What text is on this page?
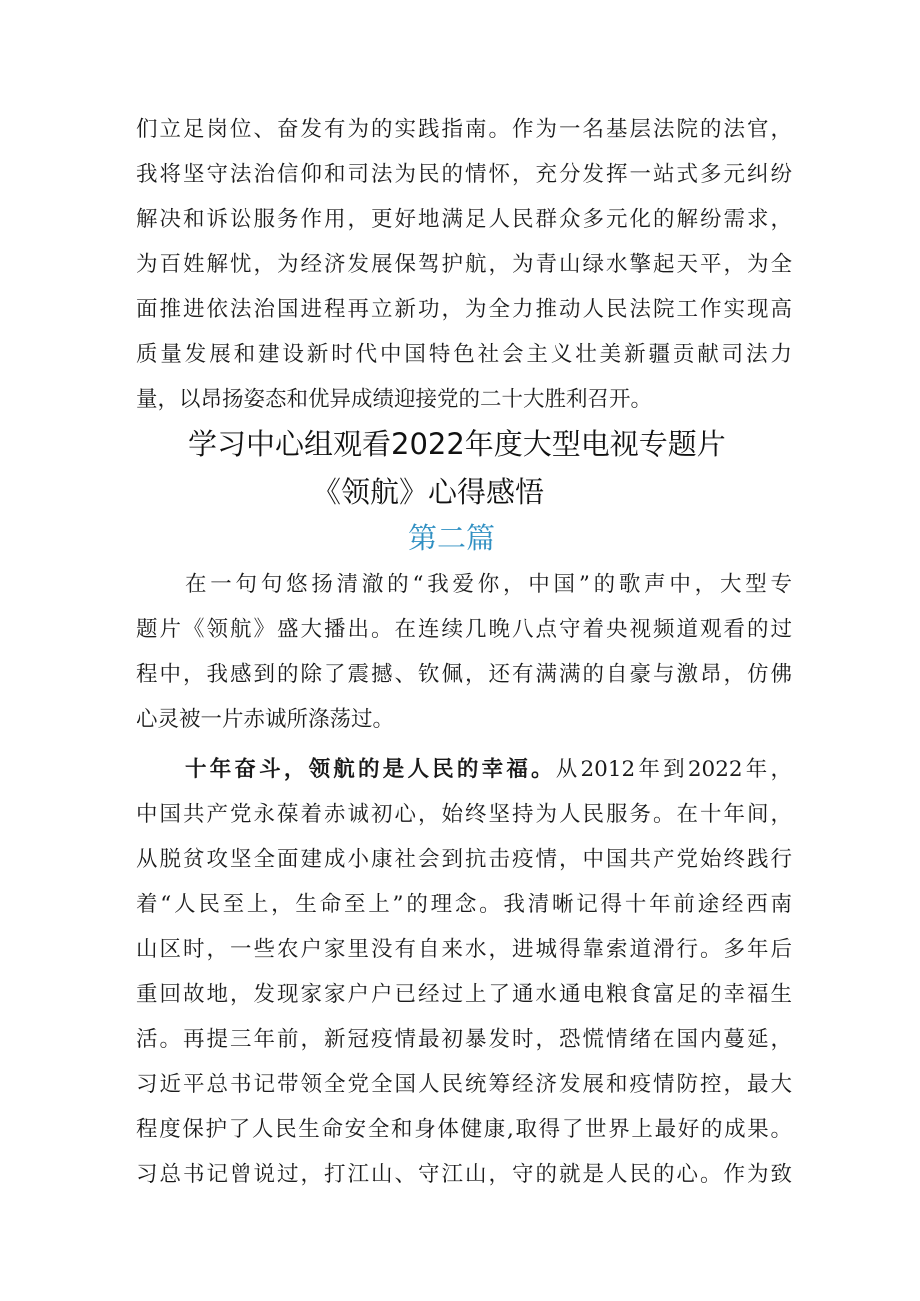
们立足岗位、奋发有为的实践指南。作为一名基层法院的法官，
我将坚守法治信仰和司法为民的情怀，充分发挥一站式多元纠纷
解决和诉讼服务作用，更好地满足人民群众多元化的解纷需求，
为百姓解忧，为经济发展保驾护航，为青山绿水擎起天平，为全
面推进依法治国进程再立新功，为全力推动人民法院工作实现高
质量发展和建设新时代中国特色社会主义壮美新疆贡献司法力
量，以昂扬姿态和优异成绩迎接党的二十大胜利召开。
学习中心组观看2022年度大型电视专题片
《领航》心得感悟
第二篇
在一句句悠扬清澈的“我爱你，中国”的歌声中，大型专
题片《领航》盛大播出。在连续几晚八点守着央视频道观看的过
程中，我感到的除了震撼、钦佩，还有满满的自豪与激昂，仿佛
心灵被一片赤诚所涤荡过。
十年奋斗，领航的是人民的幸福。从2012年到2022年，
中国共产党永葆着赤诚初心，始终坚持为人民服务。在十年间，
从脱贫攻坚全面建成小康社会到抗击疫情，中国共产党始终践行
着“人民至上，生命至上”的理念。我清晰记得十年前途经西南
山区时，一些农户家里没有自来水，进城得靠索道滑行。多年后
重回故地，发现家家户户已经过上了通水通电粮食富足的幸福生
活。再提三年前，新冠疫情最初暴发时，恐慌情绪在国内蔓延，
习近平总书记带领全党全国人民统筹经济发展和疫情防控，最大
程度保护了人民生命安全和身体健康,取得了世界上最好的成果。
习总书记曾说过，打江山、守江山，守的就是人民的心。作为致
